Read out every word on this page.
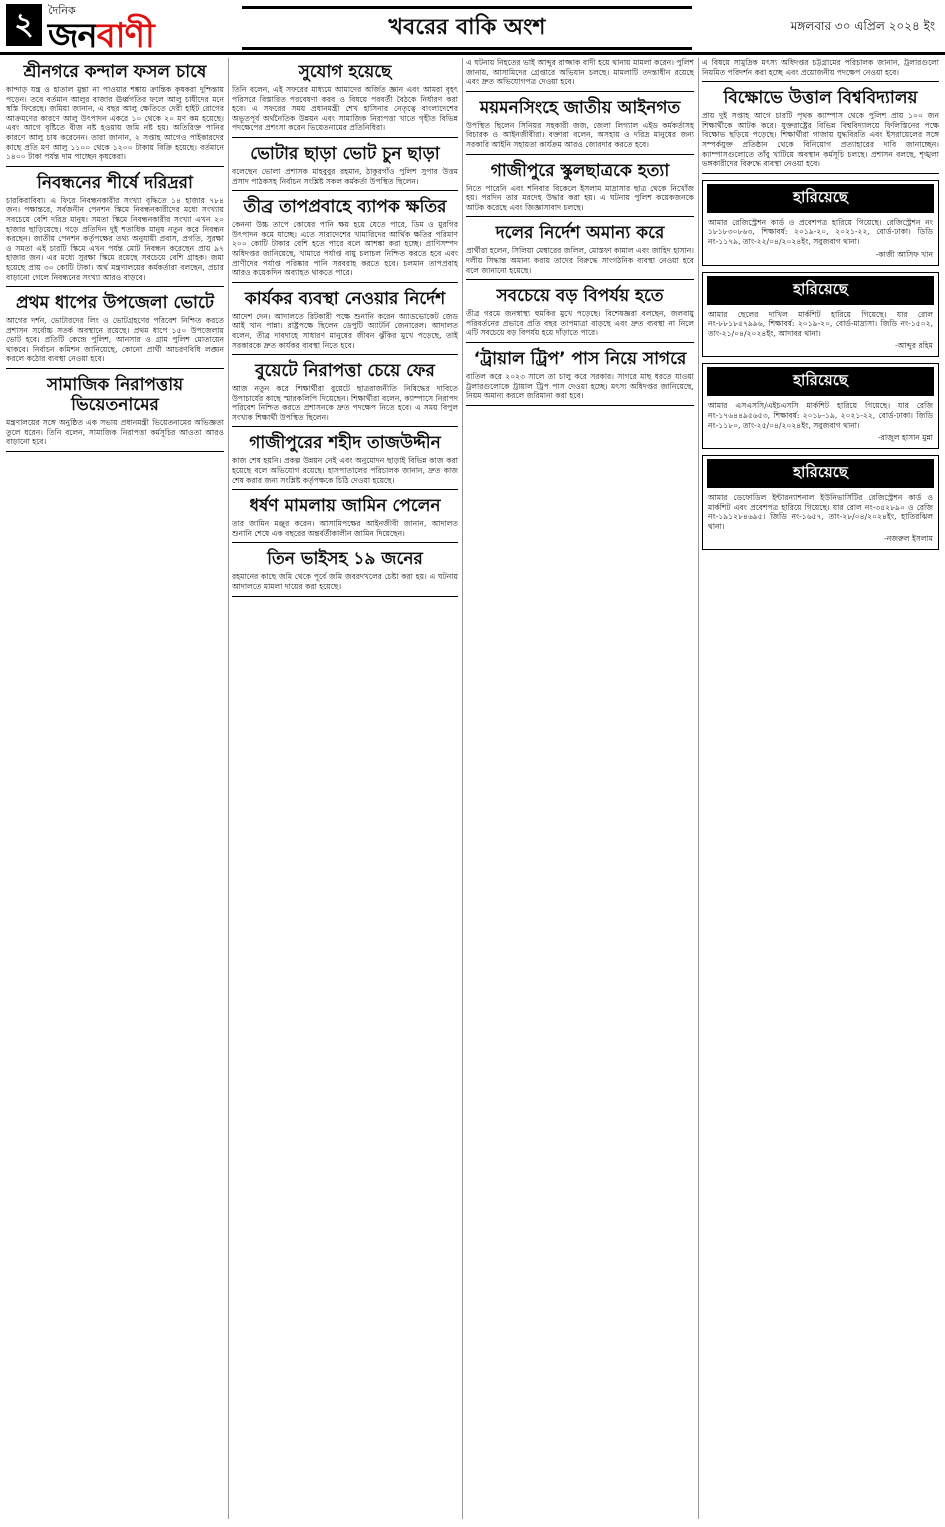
২	দৈনিক
জনবাণী	খবরের বাকি অংশ	মঙ্গলবার ৩০ এপ্রিল ২০২৪ ইং
শ্রীনগরে কন্দাল ফসল চাষে
কান্দাড় যন্ত্র ও হাতাল মুন্তা না পাওয়ার শঙ্কায় ক্রান্তিক কৃষকরা দুশ্চিন্তায় পড়েন। তবে বর্তমান আলুর বাজার ঊর্ধ্বগতির ফলে আলু চাষীদের মনে স্বস্তি ফিরেছে। জমিয়া জানান, এ বছর আলু ক্ষেতিতে দেরী হাইট রোগের আক্রমণের কারণে আলু উৎপাদন একরে ১০ থেকে ২০ মণ কম হয়েছে। এবং আগে বৃষ্টিতে বীজ নষ্ট হওয়ায় জমি নষ্ট হয়। অতিরিক্ত পানির কারণে আলু চাষ করেনেন। তারা জানান, ২ সপ্তাহ আগেও পাইকারদের কাছে প্রতি মণ আলু ১১০০ থেকে ১২০০ টাকায় বিক্রি হয়েছে। বর্তমানে ১৪০০ টাকা পর্যন্ত দাম পাচ্ছেন কৃষকেরা।
নিবন্ধনের শীর্ষে দরিদ্ররা
চারকিরাবিবা। এ ফিরে নিবন্ধনকারীর সংখ্যা বৃদ্ধিতে ১৪ হাজার ৭৮৪ জন। পক্ষান্তরে, সর্বজনীন পেনশন স্কিমে নিবন্ধনকারীদের মধ্যে সংখ্যায় সবচেয়ে বেশি দরিদ্র মানুষ। সমতা স্কিমে নিবন্ধনকারীর সংখ্যা এখন ২০ হাজার ছাড়িয়েছে। গড়ে প্রতিদিন দুই শতাধিক মানুষ নতুন করে নিবন্ধন করছেন। জাতীয় পেনশন কর্তৃপক্ষের তথ্য অনুযায়ী প্রবাস, প্রগতি, সুরক্ষা ও সমতা এই চারটি স্কিমে এখন পর্যন্ত মোট নিবন্ধন করেছেন প্রায় ৯৭ হাজার জন। এর মধ্যে সুরক্ষা স্কিমে রয়েছে সবচেয়ে বেশি গ্রাহক। জমা হয়েছে প্রায় ৩০ কোটি টাকা। অর্থ মন্ত্রণালয়ের কর্মকর্তারা বলছেন, প্রচার বাড়ানো গেলে নিবন্ধনের সংখ্যা আরও বাড়বে।
প্রথম ধাপের উপজেলা ভোটে
আগের দর্শন, ভোটারদের লিং ও ভোটগ্রহণের পরিবেশ নিশ্চিত করতে প্রশাসন সর্বোচ্চ সতর্ক অবস্থানে রয়েছে। প্রথম ধাপে ১৫০ উপজেলায় ভোট হবে। প্রতিটি কেন্দ্রে পুলিশ, আনসার ও গ্রাম পুলিশ মোতায়েন থাকবে। নির্বাচন কমিশন জানিয়েছে, কোনো প্রার্থী আচরণবিধি লঙ্ঘন করলে কঠোর ব্যবস্থা নেওয়া হবে।
সামাজিক নিরাপত্তায় ভিয়েতনামের
মন্ত্রণালয়ের সঙ্গে অনুষ্ঠিত এক সভায় প্রধানমন্ত্রী ভিয়েতনামের অভিজ্ঞতা তুলে ধরেন। তিনি বলেন, সামাজিক নিরাপত্তা কর্মসূচির আওতা আরও বাড়ানো হবে।
সুযোগ হয়েছে
তিনি বলেন, এই সফরের মাধ্যমে আমাদের অর্জিত জ্ঞান এবং আমরা বৃহৎ পরিসরে বিস্তারিত পরবেষণা করব ও বিষয়ে পরবর্তী বৈঠকে নির্ধারণ করা হবে। এ সফরের সময় প্রধানমন্ত্রী শেখ হাসিনার নেতৃত্বে বাংলাদেশের অভূতপূর্ব অর্থনৈতিক উন্নয়ন এবং সামাজিক নিরাপত্তা খাতে গৃহীত বিভিন্ন পদক্ষেপের প্রশংসা করেন ভিয়েতনামের প্রতিনিধিরা।
ভোটার ছাড়া ভোট চুন ছাড়া
বলেছেন ভোলা প্রশাসক মাহবুবুর রহমান, ঠাকুরগাঁও পুলিশ সুপার উত্তম প্রসাদ পাঠকসহ নির্বাচন সংশ্লিষ্ট সকল কর্মকর্তা উপস্থিত ছিলেন।
তীব্র তাপপ্রবাহে ব্যাপক ক্ষতির
কেননা উচ্চ তাপে কোষের পানি ক্ষয় হয়ে যেতে পারে, ডিম ও মুরগির উৎপাদন কমে যাচ্ছে। এতে সারাদেশের খামারিদের আর্থিক ক্ষতির পরিমাণ ২০০ কোটি টাকার বেশি হতে পারে বলে আশঙ্কা করা হচ্ছে। প্রাণিসম্পদ অধিদপ্তর জানিয়েছে, খামারে পর্যাপ্ত বায়ু চলাচল নিশ্চিত করতে হবে এবং প্রাণীদের পর্যাপ্ত পরিষ্কার পানি সরবরাহ করতে হবে। চলমান তাপপ্রবাহ আরও কয়েকদিন অব্যাহত থাকতে পারে।
কার্যকর ব্যবস্থা নেওয়ার নির্দেশ
আদেশ দেন। আদালতে রিটকারী পক্ষে শুনানি করেন অ্যাডভোকেট জেড আই খান পান্না। রাষ্ট্রপক্ষে ছিলেন ডেপুটি অ্যাটর্নি জেনারেল। আদালত বলেন, তীব্র দাবদাহে সাধারণ মানুষের জীবন ঝুঁকির মুখে পড়েছে, তাই সরকারকে দ্রুত কার্যকর ব্যবস্থা নিতে হবে।
বুয়েটে নিরাপত্তা চেয়ে ফের
আজ নতুন করে শিক্ষার্থীরা বুয়েটে ছাত্ররাজনীতি নিষিদ্ধের দাবিতে উপাচার্যের কাছে স্মারকলিপি দিয়েছেন। শিক্ষার্থীরা বলেন, ক্যাম্পাসে নিরাপদ পরিবেশ নিশ্চিত করতে প্রশাসনকে দ্রুত পদক্ষেপ নিতে হবে। এ সময় বিপুল সংখ্যক শিক্ষার্থী উপস্থিত ছিলেন।
গাজীপুরের শহীদ তাজউদ্দীন
কাজ শেষ হয়নি। প্রকল্প উন্নয়ন নেই এবং অনুমোদন ছাড়াই বিভিন্ন কাজ করা হয়েছে বলে অভিযোগ রয়েছে। হাসপাতালের পরিচালক জানান, দ্রুত কাজ শেষ করার জন্য সংশ্লিষ্ট কর্তৃপক্ষকে চিঠি দেওয়া হয়েছে।
ধর্ষণ মামলায় জামিন পেলেন
তার জামিন মঞ্জুর করেন। আসামিপক্ষের আইনজীবী জানান, আদালত শুনানি শেষে এক বছরের অন্তর্বর্তীকালীন জামিন দিয়েছেন।
তিন ভাইসহ ১৯ জনের
রহমানের কাছে জমি থেকে পূর্বে জমি জবরদখলের চেষ্টা করা হয়। এ ঘটনায় আদালতে মামলা দায়ের করা হয়েছে।
এ ঘটনায় নিহতের ভাই আব্দুর রাজ্জাক বাদী হয়ে থানায় মামলা করেন। পুলিশ জানায়, আসামিদের গ্রেপ্তারে অভিযান চলছে। মামলাটি তদন্তাধীন রয়েছে এবং দ্রুত অভিযোগপত্র দেওয়া হবে।
ময়মনসিংহে জাতীয় আইনগত
উপস্থিত ছিলেন সিনিয়র সহকারী জজ, জেলা লিগ্যাল এইড কর্মকর্তাসহ বিচারক ও আইনজীবীরা। বক্তারা বলেন, অসহায় ও দরিদ্র মানুষের জন্য সরকারি আইনি সহায়তা কার্যক্রম আরও জোরদার করতে হবে।
গাজীপুরে স্কুলছাত্রকে হত্যা
নিতে পারেনি এবং শনিবার বিকেলে ইসলাম মাদ্রাসার ছাত্র থেকে নিখোঁজ হয়। পরদিন তার মরদেহ উদ্ধার করা হয়। এ ঘটনায় পুলিশ কয়েকজনকে আটক করেছে এবং জিজ্ঞাসাবাদ চলছে।
দলের নির্দেশ অমান্য করে
প্রার্থীরা হলেন, সিলিয়া মেম্বারের জলিল, মোস্তফা কামাল এবং জাহিদ হাসান। দলীয় সিদ্ধান্ত অমান্য করায় তাদের বিরুদ্ধে সাংগঠনিক ব্যবস্থা নেওয়া হবে বলে জানানো হয়েছে।
সবচেয়ে বড় বিপর্যয় হতে
তীব্র গরমে জনস্বাস্থ্য হুমকির মুখে পড়েছে। বিশেষজ্ঞরা বলছেন, জলবায়ু পরিবর্তনের প্রভাবে প্রতি বছর তাপমাত্রা বাড়ছে এবং দ্রুত ব্যবস্থা না নিলে এটি সবচেয়ে বড় বিপর্যয় হয়ে দাঁড়াতে পারে।
‘ট্রায়াল ট্রিপ’ পাস নিয়ে সাগরে
বাতিল করে ২০২৩ সালে তা চালু করে সরকার। সাগরে মাছ ধরতে যাওয়া ট্রলারগুলোকে ট্রায়াল ট্রিপ পাস দেওয়া হচ্ছে। মৎস্য অধিদপ্তর জানিয়েছে, নিয়ম অমান্য করলে জরিমানা করা হবে।
এ বিষয়ে সামুদ্রিক মৎস্য অধিদপ্তর চট্টগ্রামের পরিচালক জানান, ট্রলারগুলো নিয়মিত পরিদর্শন করা হচ্ছে এবং প্রয়োজনীয় পদক্ষেপ নেওয়া হবে।
বিক্ষোভে উত্তাল বিশ্ববিদ্যালয়
প্রায় দুই সপ্তাহ আগে চারটি পৃথক ক্যাম্পাস থেকে পুলিশ প্রায় ১০০ জন শিক্ষার্থীকে আটক করে। যুক্তরাষ্ট্রের বিভিন্ন বিশ্ববিদ্যালয়ে ফিলিস্তিনের পক্ষে বিক্ষোভ ছড়িয়ে পড়েছে। শিক্ষার্থীরা গাজায় যুদ্ধবিরতি এবং ইসরায়েলের সঙ্গে সম্পর্কযুক্ত প্রতিষ্ঠান থেকে বিনিয়োগ প্রত্যাহারের দাবি জানাচ্ছেন। ক্যাম্পাসগুলোতে তাঁবু খাটিয়ে অবস্থান কর্মসূচি চলছে। প্রশাসন বলছে, শৃঙ্খলা ভঙ্গকারীদের বিরুদ্ধে ব্যবস্থা নেওয়া হবে।
হারিয়েছে
আমার রেজিস্ট্রেশন কার্ড ও প্রবেশপত্র হারিয়ে গিয়েছে। রেজিস্ট্রেশন নং ১৮১৮৩০৮৬৩, শিক্ষাবর্ষ: ২০১৯-২০, ২০২১-২২, বোর্ড-ঢাকা। ডিডি নং-১১৭৯, তাং-২২/০৪/২০২৪ইং, সবুজবাগ থানা।
-কাজী আসিফ খান
হারিয়েছে
আমার ছেলের দাখিল মার্কশিট হারিয়ে গিয়েছে। যার রোল নং-৮৮১৮৫৭৯৯৬, শিক্ষাবর্ষ: ২০১৯-২০, বোর্ড-মাদ্রাসা। জিডি নং-১৫০২, তাং-২১/০৪/২০২৪ইং, আদাবর থানা।
-আব্দুর রহিম
হারিয়েছে
আমার এসএসসি/এইচএসসি মার্কশিট হারিয়ে গিয়েছে। যার রেজি নং-১৭৬৪৪৯৫৬৫৩, শিক্ষাবর্ষ: ২০১৮-১৯, ২০২১-২২, বোর্ড-ঢাকা। জিডি নং-১১৮০, তাং-২৫/০৪/২০২৪ইং, সবুজবাগ থানা।
-রাজুল হাসান মুন্না
হারিয়েছে
আমার ডেফোডিল ইন্টারন্যাশনাল ইউনিভার্সিটির রেজিস্ট্রেশন কার্ড ও মার্কশিট এবং প্রবেশপত্র হারিয়ে গিয়েছে। যার রোল নং-৩৫২৮৯০ ও রেজি নং-১৯১২৮৪৬৯৫। জিডি নং-১৬৫৭, তাং-২৮/০৪/২০২৪ইং, হাতিরঝিল থানা।
-নজরুল ইসলাম
